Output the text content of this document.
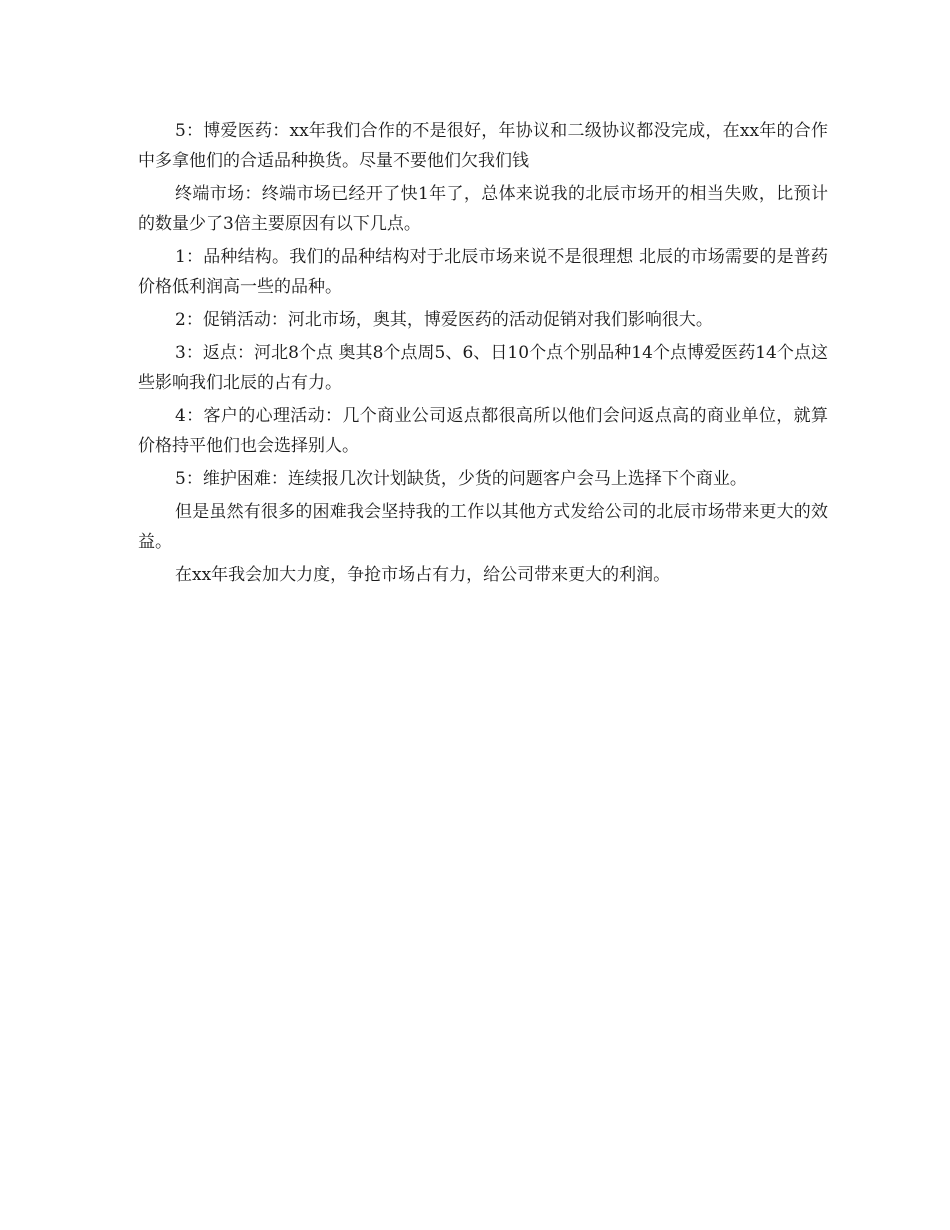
5：博爱医药：xx年我们合作的不是很好，年协议和二级协议都没完成，在xx年的合作中多拿他们的合适品种换货。尽量不要他们欠我们钱

终端市场：终端市场已经开了快1年了，总体来说我的北辰市场开的相当失败，比预计的数量少了3倍主要原因有以下几点。

1：品种结构。我们的品种结构对于北辰市场来说不是很理想 北辰的市场需要的是普药价格低利润高一些的品种。

2：促销活动：河北市场，奥其，博爱医药的活动促销对我们影响很大。

3：返点：河北8个点 奥其8个点周5、6、日10个点个别品种14个点博爱医药14个点这些影响我们北辰的占有力。

4：客户的心理活动：几个商业公司返点都很高所以他们会问返点高的商业单位，就算价格持平他们也会选择别人。

5：维护困难：连续报几次计划缺货，少货的问题客户会马上选择下个商业。

但是虽然有很多的困难我会坚持我的工作以其他方式发给公司的北辰市场带来更大的效益。

在xx年我会加大力度，争抢市场占有力，给公司带来更大的利润。
